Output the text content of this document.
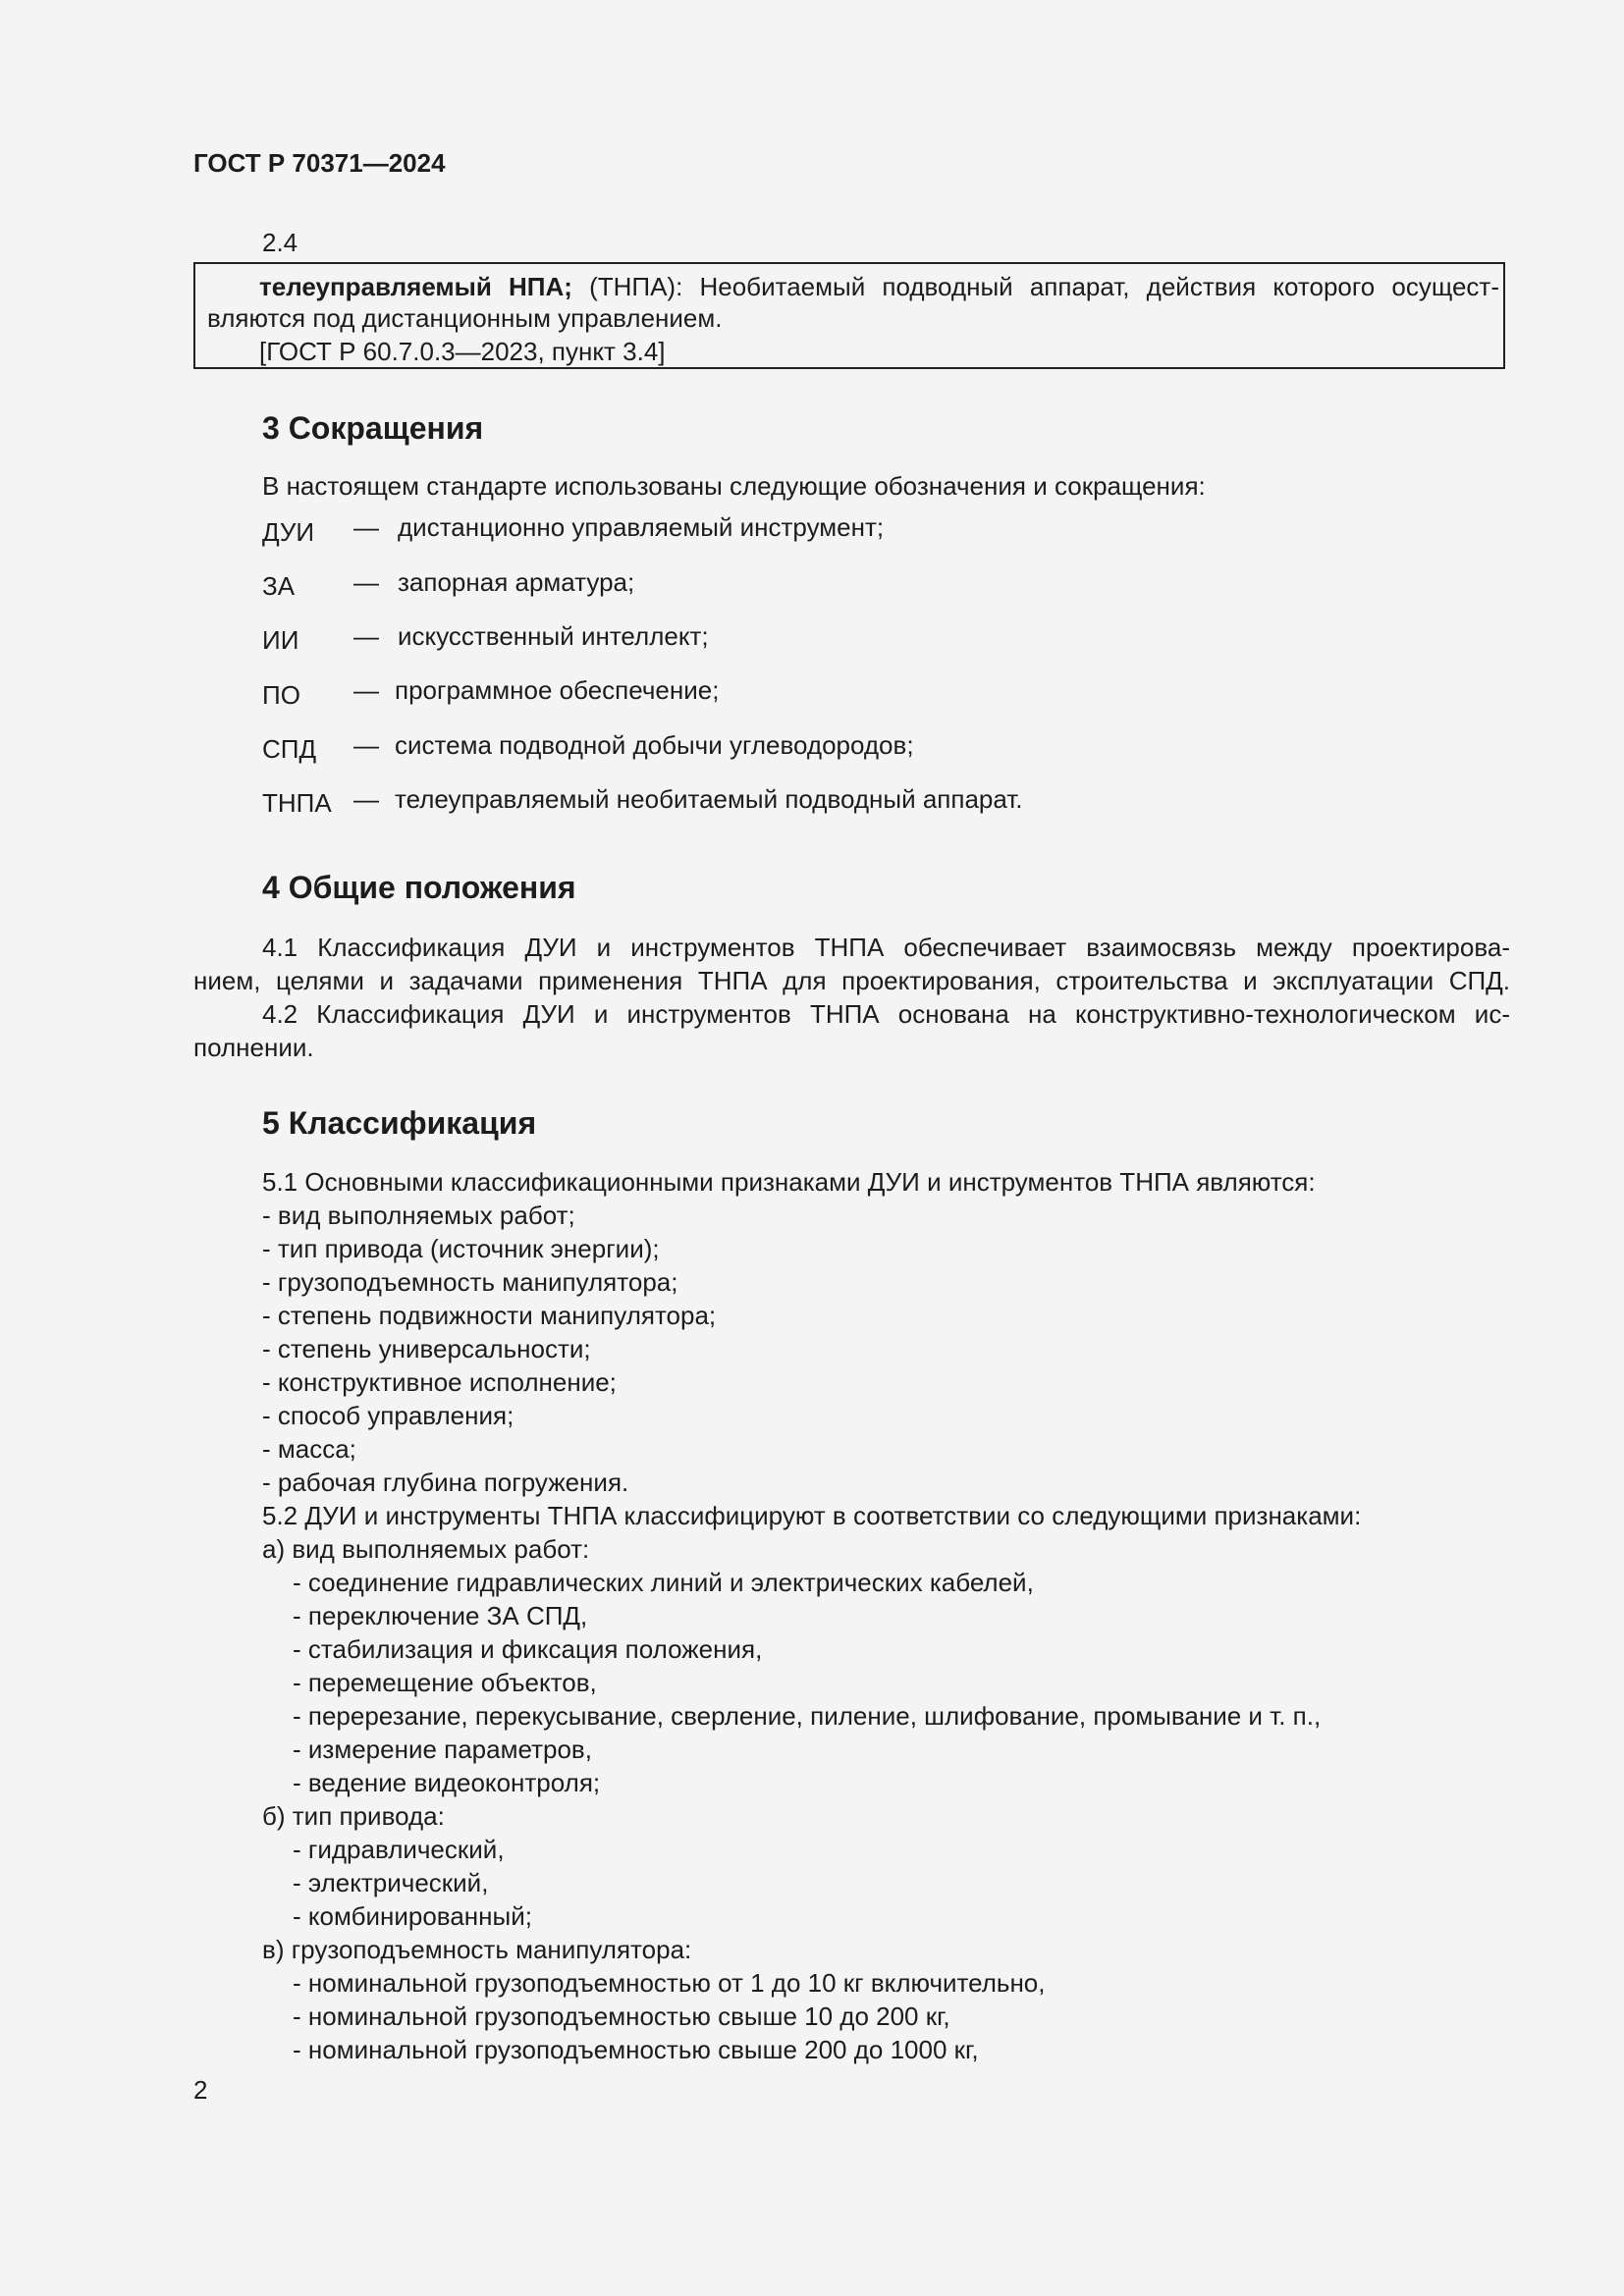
ГОСТ Р 70371—2024
2.4
телеуправляемый НПА; (ТНПА): Необитаемый подводный аппарат, действия которого осущест-
вляются под дистанционным управлением.
[ГОСТ Р 60.7.0.3—2023, пункт 3.4]
3 Сокращения
В настоящем стандарте использованы следующие обозначения и сокращения:
ДУИ — дистанционно управляемый инструмент;
ЗА — запорная арматура;
ИИ — искусственный интеллект;
ПО — программное обеспечение;
СПД — система подводной добычи углеводородов;
ТНПА — телеуправляемый необитаемый подводный аппарат.
4 Общие положения
4.1 Классификация ДУИ и инструментов ТНПА обеспечивает взаимосвязь между проектирова-
нием, целями и задачами применения ТНПА для проектирования, строительства и эксплуатации СПД.
4.2 Классификация ДУИ и инструментов ТНПА основана на конструктивно-технологическом ис-
полнении.
5 Классификация
5.1 Основными классификационными признаками ДУИ и инструментов ТНПА являются:
- вид выполняемых работ;
- тип привода (источник энергии);
- грузоподъемность манипулятора;
- степень подвижности манипулятора;
- степень универсальности;
- конструктивное исполнение;
- способ управления;
- масса;
- рабочая глубина погружения.
5.2 ДУИ и инструменты ТНПА классифицируют в соответствии со следующими признаками:
а) вид выполняемых работ:
- соединение гидравлических линий и электрических кабелей,
- переключение ЗА СПД,
- стабилизация и фиксация положения,
- перемещение объектов,
- перерезание, перекусывание, сверление, пиление, шлифование, промывание и т. п.,
- измерение параметров,
- ведение видеоконтроля;
б) тип привода:
- гидравлический,
- электрический,
- комбинированный;
в) грузоподъемность манипулятора:
- номинальной грузоподъемностью от 1 до 10 кг включительно,
- номинальной грузоподъемностью свыше 10 до 200 кг,
- номинальной грузоподъемностью свыше 200 до 1000 кг,
2
